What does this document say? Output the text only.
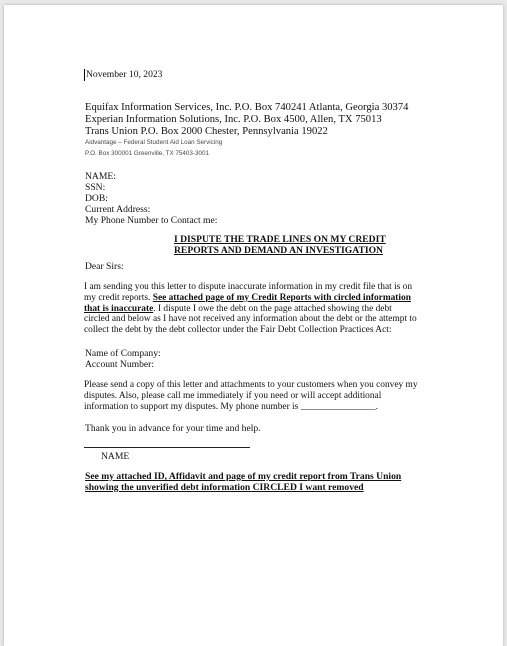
November 10, 2023
Equifax Information Services, Inc. P.O. Box 740241 Atlanta, Georgia 30374
Experian Information Solutions, Inc. P.O. Box 4500, Allen, TX 75013
Trans Union P.O. Box 2000 Chester, Pennsylvania 19022
Aidvantage – Federal Student Aid Loan Servicing
P.O. Box 300001 Greenville, TX 75403-3001
NAME:
SSN:
DOB:
Current Address:
My Phone Number to Contact me:
I DISPUTE THE TRADE LINES ON MY CREDIT
REPORTS AND DEMAND AN INVESTIGATION
Dear Sirs:
I am sending you this letter to dispute inaccurate information in my credit file that is on
my credit reports. See attached page of my Credit Reports with circled information
that is inaccurate. I dispute I owe the debt on the page attached showing the debt
circled and below as I have not received any information about the debt or the attempt to
collect the debt by the debt collector under the Fair Debt Collection Practices Act:
Name of Company:
Account Number:
Please send a copy of this letter and attachments to your customers when you convey my
disputes. Also, please call me immediately if you need or will accept additional
information to support my disputes. My phone number is ________________.
Thank you in advance for your time and help.
NAME
See my attached ID, Affidavit and page of my credit report from Trans Union
showing the unverified debt information CIRCLED I want removed
